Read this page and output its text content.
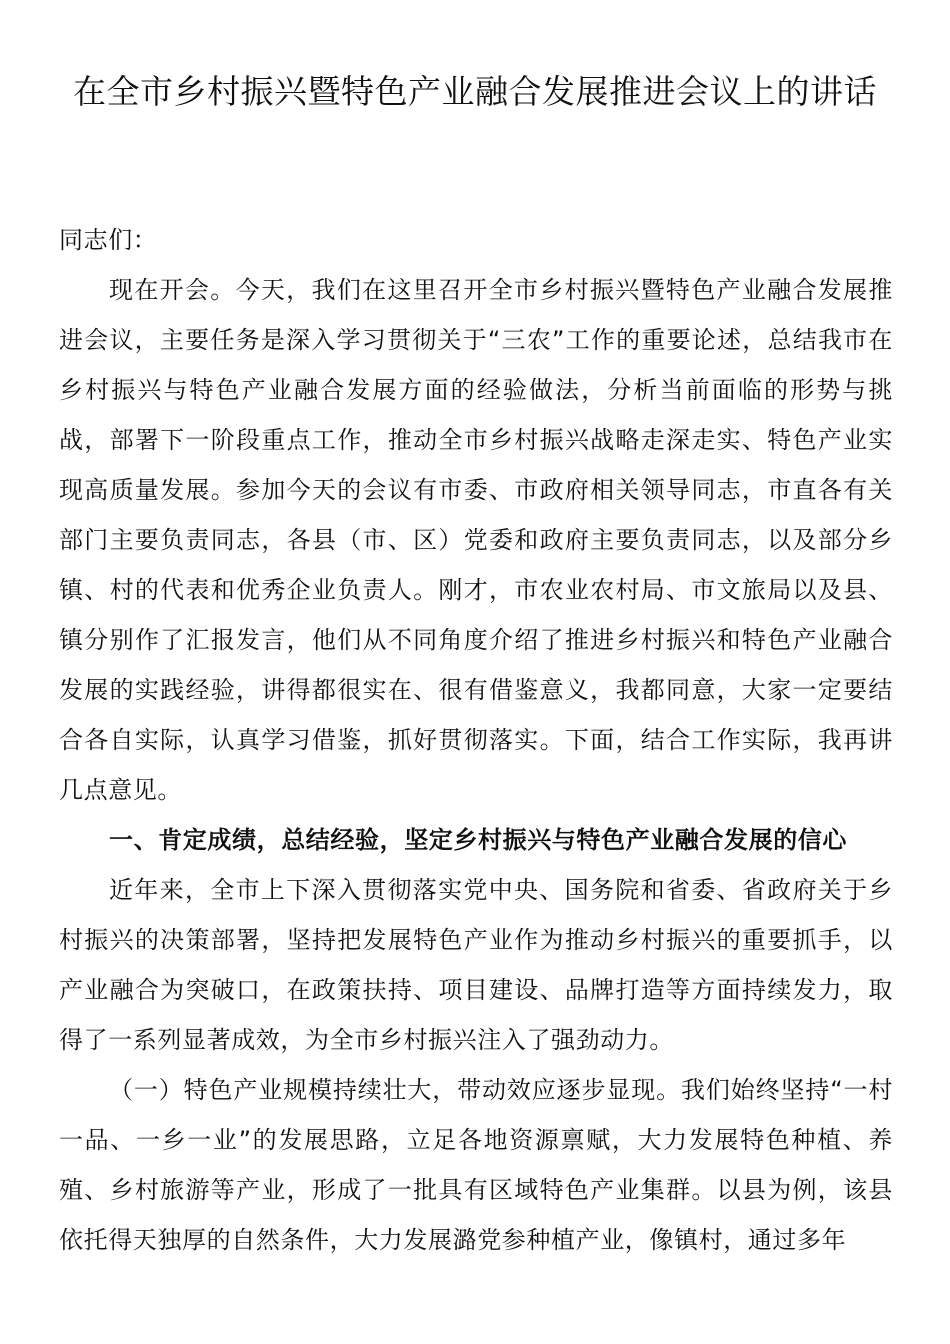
在全市乡村振兴暨特色产业融合发展推进会议上的讲话

同志们：

现在开会。今天，我们在这里召开全市乡村振兴暨特色产业融合发展推进会议，主要任务是深入学习贯彻关于“三农”工作的重要论述，总结我市在乡村振兴与特色产业融合发展方面的经验做法，分析当前面临的形势与挑战，部署下一阶段重点工作，推动全市乡村振兴战略走深走实、特色产业实现高质量发展。参加今天的会议有市委、市政府相关领导同志，市直各有关部门主要负责同志，各县（市、区）党委和政府主要负责同志，以及部分乡镇、村的代表和优秀企业负责人。刚才，市农业农村局、市文旅局以及县、镇分别作了汇报发言，他们从不同角度介绍了推进乡村振兴和特色产业融合发展的实践经验，讲得都很实在、很有借鉴意义，我都同意，大家一定要结合各自实际，认真学习借鉴，抓好贯彻落实。下面，结合工作实际，我再讲几点意见。

一、肯定成绩，总结经验，坚定乡村振兴与特色产业融合发展的信心

近年来，全市上下深入贯彻落实党中央、国务院和省委、省政府关于乡村振兴的决策部署，坚持把发展特色产业作为推动乡村振兴的重要抓手，以产业融合为突破口，在政策扶持、项目建设、品牌打造等方面持续发力，取得了一系列显著成效，为全市乡村振兴注入了强劲动力。

（一）特色产业规模持续壮大，带动效应逐步显现。我们始终坚持“一村一品、一乡一业”的发展思路，立足各地资源禀赋，大力发展特色种植、养殖、乡村旅游等产业，形成了一批具有区域特色产业集群。以县为例，该县依托得天独厚的自然条件，大力发展潞党参种植产业，像镇村，通过多年
